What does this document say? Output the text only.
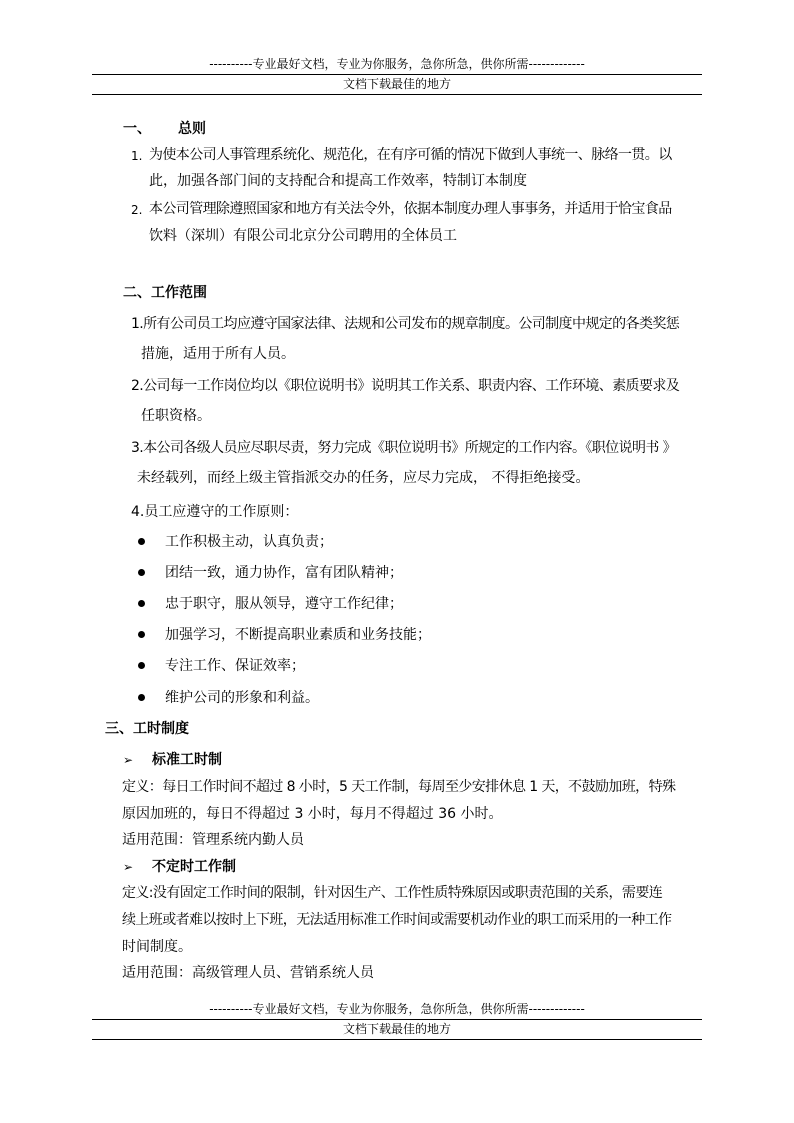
----------专业最好文档，专业为你服务，急你所急，供你所需-------------
文档下载最佳的地方
一、 总则
1. 为使本公司人事管理系统化、规范化，在有序可循的情况下做到人事统一、脉络一贯。以
此，加强各部门间的支持配合和提高工作效率，特制订本制度
2. 本公司管理除遵照国家和地方有关法令外，依据本制度办理人事事务，并适用于恰宝食品
饮料（深圳）有限公司北京分公司聘用的全体员工
二、工作范围
1.所有公司员工均应遵守国家法律、法规和公司发布的规章制度。公司制度中规定的各类奖惩
措施，适用于所有人员。
2.公司每一工作岗位均以《职位说明书》说明其工作关系、职责内容、工作环境、素质要求及
任职资格。
3.本公司各级人员应尽职尽责，努力完成《职位说明书》所规定的工作内容。《职位说明书 》
未经载列，而经上级主管指派交办的任务，应尽力完成， 不得拒绝接受。
4.员工应遵守的工作原则：
工作积极主动，认真负责；
团结一致，通力协作，富有团队精神；
忠于职守，服从领导，遵守工作纪律；
加强学习，不断提高职业素质和业务技能；
专注工作、保证效率；
维护公司的形象和利益。
三、工时制度
➢ 标准工时制
定义：每日工作时间不超过 8 小时，5 天工作制，每周至少安排休息 1 天，不鼓励加班，特殊
原因加班的，每日不得超过 3 小时，每月不得超过 36 小时。
适用范围：管理系统内勤人员
➢ 不定时工作制
定义:没有固定工作时间的限制，针对因生产、工作性质特殊原因或职责范围的关系，需要连
续上班或者难以按时上下班，无法适用标准工作时间或需要机动作业的职工而采用的一种工作
时间制度。
适用范围：高级管理人员、营销系统人员
----------专业最好文档，专业为你服务，急你所急，供你所需-------------
文档下载最佳的地方
